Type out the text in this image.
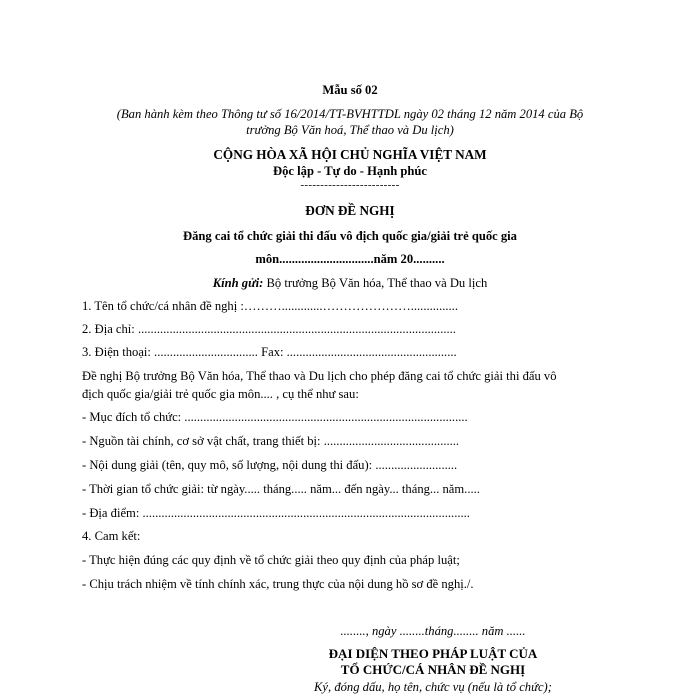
Mẫu số 02
(Ban hành kèm theo Thông tư số 16/2014/TT-BVHTTDL ngày 02 tháng 12 năm 2014 của Bộ
trưởng Bộ Văn hoá, Thể thao và Du lịch)
CỘNG HÒA XÃ HỘI CHỦ NGHĨA VIỆT NAM
Độc lập - Tự do - Hạnh phúc
-------------------------
ĐƠN ĐỀ NGHỊ
Đăng cai tổ chức giải thi đấu vô địch quốc gia/giải trẻ quốc gia
môn..............................năm 20..........
Kính gửi: Bộ trưởng Bộ Văn hóa, Thể thao và Du lịch
1. Tên tổ chức/cá nhân đề nghị :……….............…………………...............
2. Địa chỉ: .....................................................................................................
3. Điện thoại: ................................. Fax: ......................................................
Đề nghị Bộ trưởng Bộ Văn hóa, Thể thao và Du lịch cho phép đăng cai tổ chức giải thi đấu vô
địch quốc gia/giải trẻ quốc gia môn.... , cụ thể như sau:
- Mục đích tổ chức: ..........................................................................................
- Nguồn tài chính, cơ sở vật chất, trang thiết bị: ...........................................
- Nội dung giải (tên, quy mô, số lượng, nội dung thi đấu): ..........................
- Thời gian tổ chức giải: từ ngày..... tháng..... năm... đến ngày... tháng... năm.....
- Địa điểm: ........................................................................................................
4. Cam kết:
- Thực hiện đúng các quy định về tổ chức giải theo quy định của pháp luật;
- Chịu trách nhiệm về tính chính xác, trung thực của nội dung hồ sơ đề nghị./.
........, ngày ........tháng........ năm ......
ĐẠI DIỆN THEO PHÁP LUẬT CỦA
TỔ CHỨC/CÁ NHÂN ĐỀ NGHỊ
Ký, đóng dấu, họ tên, chức vụ (nếu là tổ chức);
